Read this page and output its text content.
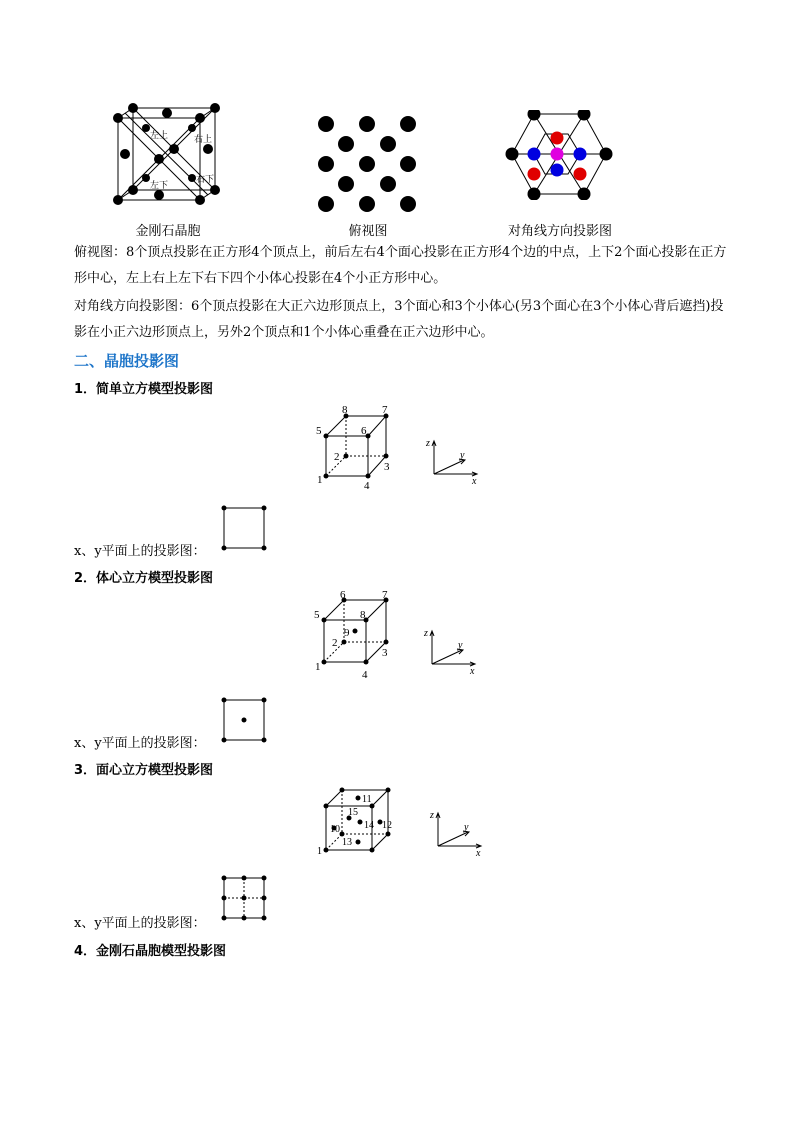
左上	右上
左下
右下
金刚石晶胞	俯视图	对角线方向投影图
俯视图：8个顶点投影在正方形4个顶点上，前后左右4个面心投影在正方形4个边的中点，上下2个面心投影在正方形中心，左上右上左下右下四个小体心投影在4个小正方形中心。
对角线方向投影图：6个顶点投影在大正六边形顶点上，3个面心和3个小体心(另3个面心在3个小体心背后遮挡)投影在小正六边形顶点上，另外2个顶点和1个小体心重叠在正六边形中心。
二、晶胞投影图
1．简单立方模型投影图
8	7
5	6
2
3
1	4
z
y
x
x、y平面上的投影图：
2．体心立方模型投影图
6	7
5	8
9
2
3
1
4
z
y
x
x、y平面上的投影图：
3．面心立方模型投影图
11
15
10 14 12
13
1
z
y
x
x、y平面上的投影图：
4．金刚石晶胞模型投影图
